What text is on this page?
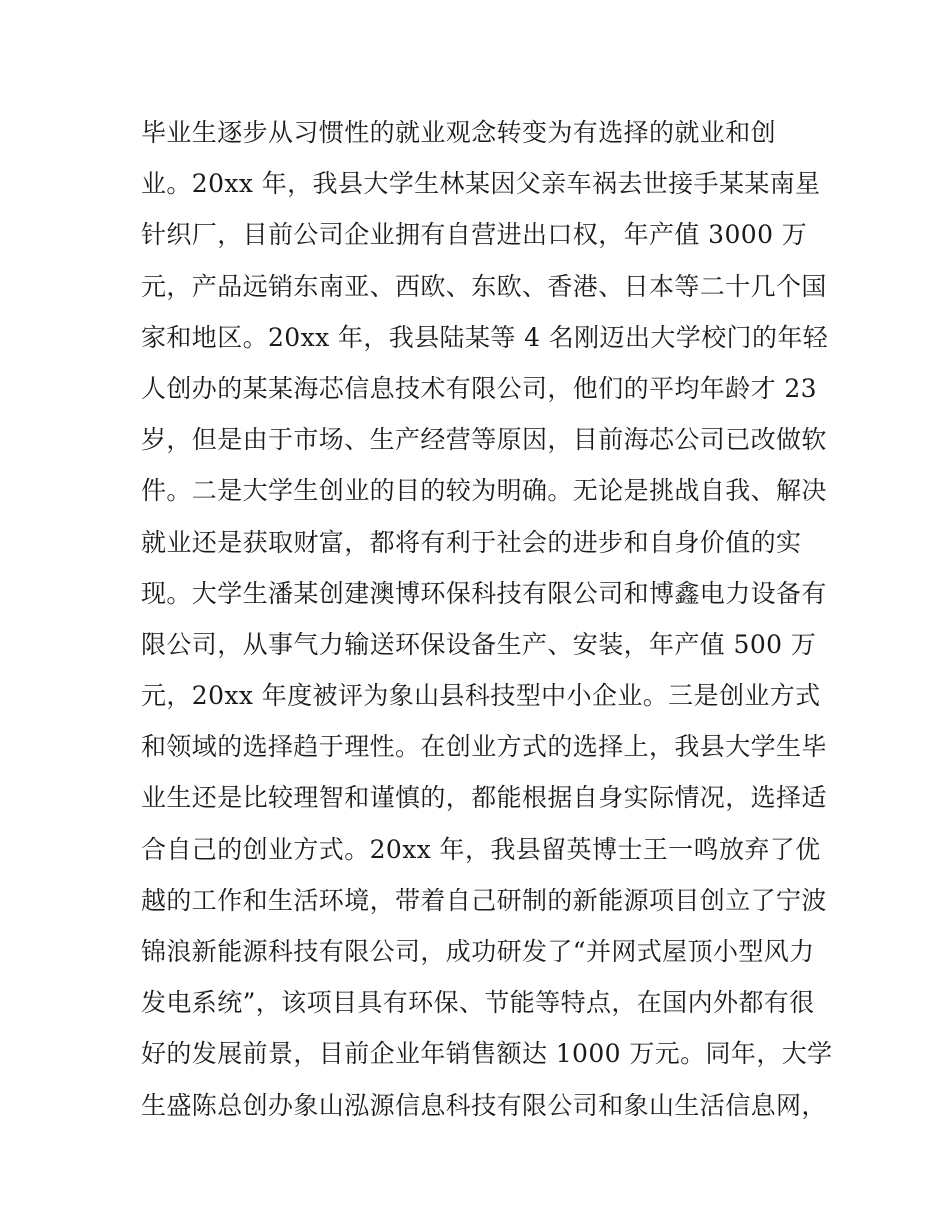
毕业生逐步从习惯性的就业观念转变为有选择的就业和创
业。20xx 年，我县大学生林某因父亲车祸去世接手某某南星
针织厂，目前公司企业拥有自营进出口权，年产值 3000 万
元，产品远销东南亚、西欧、东欧、香港、日本等二十几个国
家和地区。20xx 年，我县陆某等 4 名刚迈出大学校门的年轻
人创办的某某海芯信息技术有限公司，他们的平均年龄才 23
岁，但是由于市场、生产经营等原因，目前海芯公司已改做软
件。二是大学生创业的目的较为明确。无论是挑战自我、解决
就业还是获取财富，都将有利于社会的进步和自身价值的实
现。大学生潘某创建澳博环保科技有限公司和博鑫电力设备有
限公司，从事气力输送环保设备生产、安装，年产值 500 万
元，20xx 年度被评为象山县科技型中小企业。三是创业方式
和领域的选择趋于理性。在创业方式的选择上，我县大学生毕
业生还是比较理智和谨慎的，都能根据自身实际情况，选择适
合自己的创业方式。20xx 年，我县留英博士王一鸣放弃了优
越的工作和生活环境，带着自己研制的新能源项目创立了宁波
锦浪新能源科技有限公司，成功研发了“并网式屋顶小型风力
发电系统”，该项目具有环保、节能等特点，在国内外都有很
好的发展前景，目前企业年销售额达 1000 万元。同年，大学
生盛陈总创办象山泓源信息科技有限公司和象山生活信息网，
